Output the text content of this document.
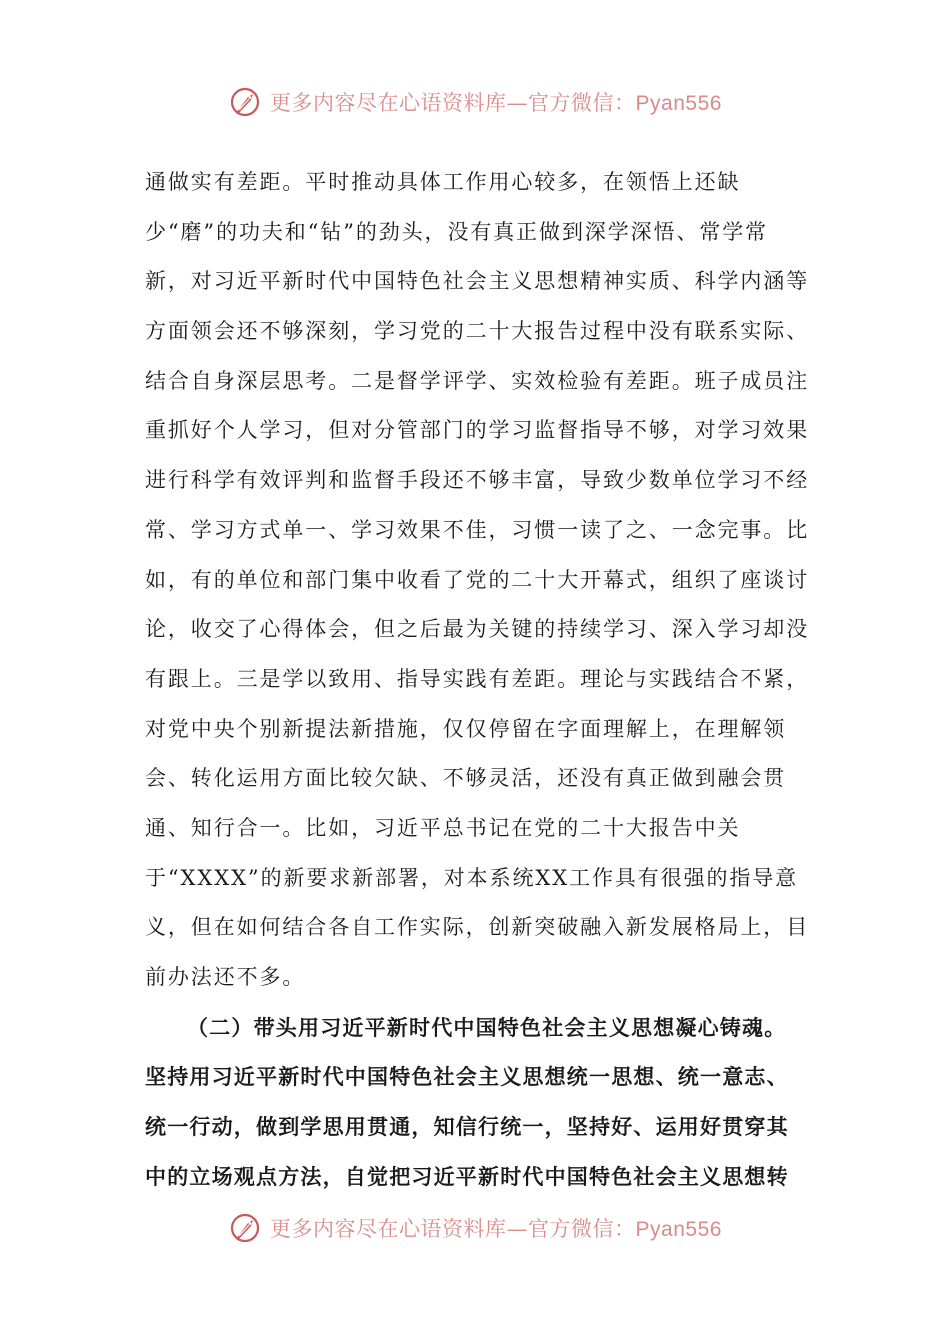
更多内容尽在心语资料库—官方微信：Pyan556
通做实有差距。平时推动具体工作用心较多，在领悟上还缺
少“磨”的功夫和“钻”的劲头，没有真正做到深学深悟、常学常
新，对习近平新时代中国特色社会主义思想精神实质、科学内涵等
方面领会还不够深刻，学习党的二十大报告过程中没有联系实际、
结合自身深层思考。二是督学评学、实效检验有差距。班子成员注
重抓好个人学习，但对分管部门的学习监督指导不够，对学习效果
进行科学有效评判和监督手段还不够丰富，导致少数单位学习不经
常、学习方式单一、学习效果不佳，习惯一读了之、一念完事。比
如，有的单位和部门集中收看了党的二十大开幕式，组织了座谈讨
论，收交了心得体会，但之后最为关键的持续学习、深入学习却没
有跟上。三是学以致用、指导实践有差距。理论与实践结合不紧，
对党中央个别新提法新措施，仅仅停留在字面理解上，在理解领
会、转化运用方面比较欠缺、不够灵活，还没有真正做到融会贯
通、知行合一。比如，习近平总书记在党的二十大报告中关
于“XXXX”的新要求新部署，对本系统XX工作具有很强的指导意
义，但在如何结合各自工作实际，创新突破融入新发展格局上，目
前办法还不多。
（二）带头用习近平新时代中国特色社会主义思想凝心铸魂。
坚持用习近平新时代中国特色社会主义思想统一思想、统一意志、
统一行动，做到学思用贯通，知信行统一，坚持好、运用好贯穿其
中的立场观点方法，自觉把习近平新时代中国特色社会主义思想转
更多内容尽在心语资料库—官方微信：Pyan556
